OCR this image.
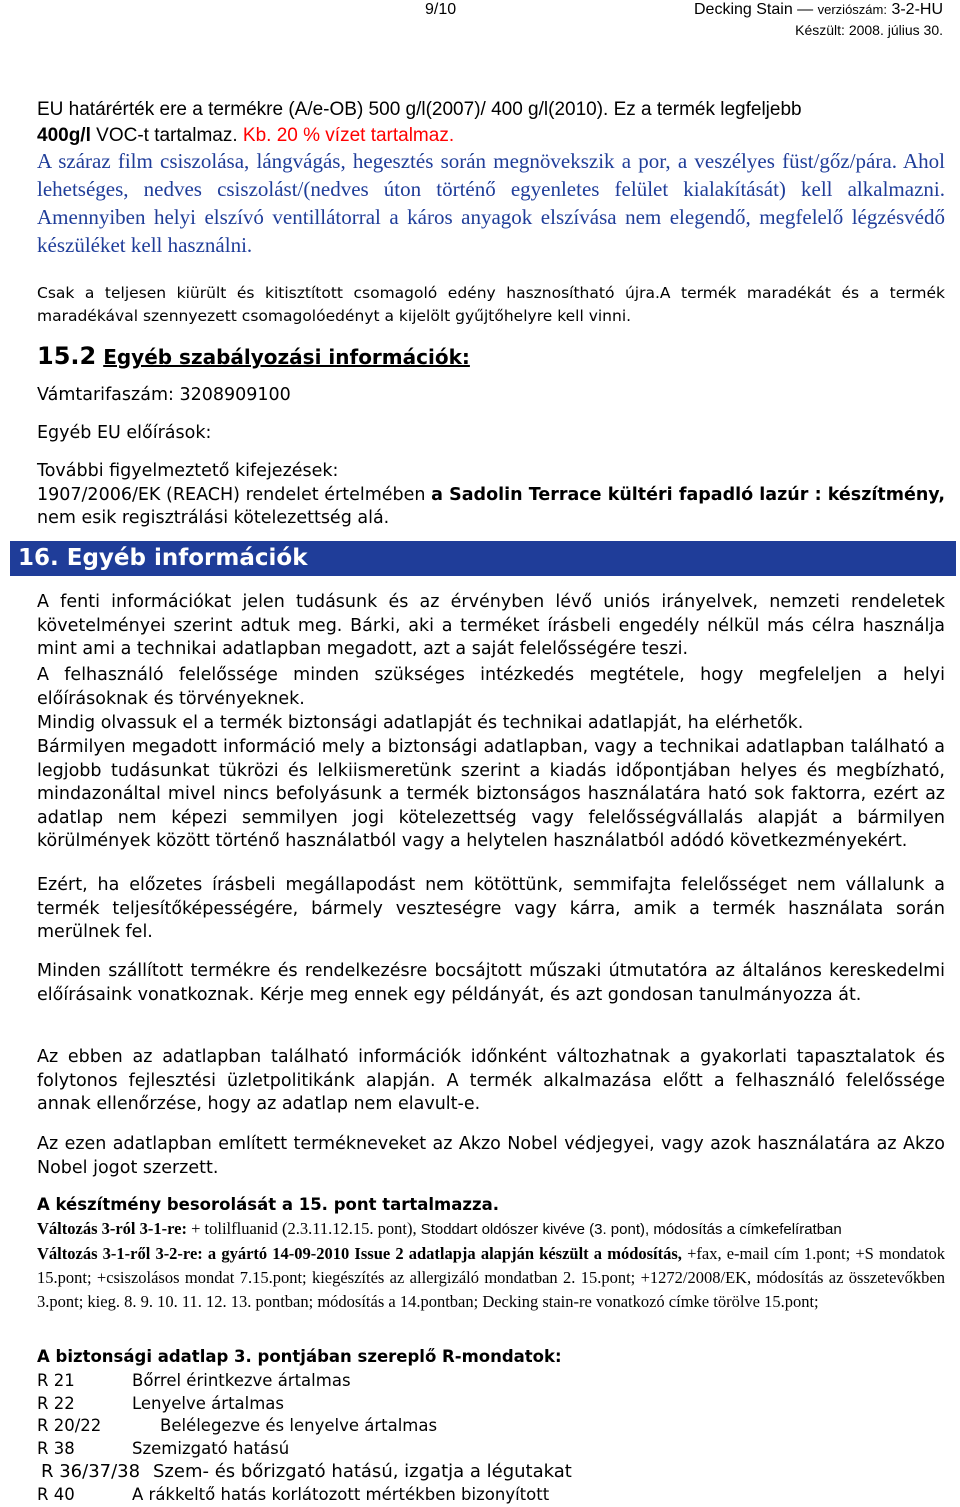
9/10	Decking Stain — verziószám: 3-2-HU
Készült: 2008. július 30.
EU határérték ere a termékre (A/e-OB) 500 g/l(2007)/ 400 g/l(2010). Ez a termék legfeljebb
400g/l VOC-t tartalmaz. Kb. 20 % vízet tartalmaz.
A száraz film csiszolása, lángvágás, hegesztés során megnövekszik a por, a veszélyes füst/gőz/pára. Ahol lehetséges, nedves csiszolást/(nedves úton történő egyenletes felület kialakítását) kell alkalmazni. Amennyiben helyi elszívó ventillátorral a káros anyagok elszívása nem elegendő, megfelelő légzésvédő készüléket kell használni.
Csak a teljesen kiürült és kitisztított csomagoló edény hasznosítható újra.A termék maradékát és a termék maradékával szennyezett csomagolóedényt a kijelölt gyűjtőhelyre kell vinni.
15.2 Egyéb szabályozási információk:
Vámtarifaszám: 3208909100
Egyéb EU előírások:
További figyelmeztető kifejezések:
1907/2006/EK (REACH) rendelet értelmében a Sadolin Terrace kültéri fapadló lazúr : készítmény, nem esik regisztrálási kötelezettség alá.
16. Egyéb információk
A fenti információkat jelen tudásunk és az érvényben lévő uniós irányelvek, nemzeti rendeletek követelményei szerint adtuk meg. Bárki, aki a terméket írásbeli engedély nélkül más célra használja mint ami a technikai adatlapban megadott, azt a saját felelősségére teszi.
A felhasználó felelőssége minden szükséges intézkedés megtétele, hogy megfeleljen a helyi előírásoknak és törvényeknek.
Mindig olvassuk el a termék biztonsági adatlapját és technikai adatlapját, ha elérhetők.
Bármilyen megadott információ mely a biztonsági adatlapban, vagy a technikai adatlapban található a legjobb tudásunkat tükrözi és lelkiismeretünk szerint a kiadás időpontjában helyes és megbízható, mindazonáltal mivel nincs befolyásunk a termék biztonságos használatára ható sok faktorra, ezért az adatlap nem képezi semmilyen jogi kötelezettség vagy felelősségvállalás alapját a bármilyen körülmények között történő használatból vagy a helytelen használatból adódó következményekért.
Ezért, ha előzetes írásbeli megállapodást nem kötöttünk, semmifajta felelősséget nem vállalunk a termék teljesítőképességére, bármely veszteségre vagy kárra, amik a termék használata során merülnek fel.
Minden szállított termékre és rendelkezésre bocsájtott műszaki útmutatóra az általános kereskedelmi előírásaink vonatkoznak. Kérje meg ennek egy példányát, és azt gondosan tanulmányozza át.
Az ebben az adatlapban található információk időnként változhatnak a gyakorlati tapasztalatok és folytonos fejlesztési üzletpolitikánk alapján. A termék alkalmazása előtt a felhasználó felelőssége annak ellenőrzése, hogy az adatlap nem elavult-e.
Az ezen adatlapban említett termékneveket az Akzo Nobel védjegyei, vagy azok használatára az Akzo Nobel jogot szerzett.
A készítmény besorolását a 15. pont tartalmazza.
Változás 3-ról 3-1-re: + tolilfluanid (2.3.11.12.15. pont), Stoddart oldószer kivéve (3. pont), módosítás a címkefelíratban
Változás 3-1-ről 3-2-re: a gyártó 14-09-2010 Issue 2 adatlapja alapján készült a módosítás, +fax, e-mail cím 1.pont; +S mondatok 15.pont; +csiszolásos mondat 7.15.pont; kiegészítés az allergizáló mondatban 2. 15.pont; +1272/2008/EK, módosítás az összetevőkben 3.pont; kieg. 8. 9. 10. 11. 12. 13. pontban; módosítás a 14.pontban; Decking stain-re vonatkozó címke törölve 15.pont;
A biztonsági adatlap 3. pontjában szereplő R-mondatok:
R 21	Bőrrel érintkezve ártalmas
R 22	Lenyelve ártalmas
R 20/22	Belélegezve és lenyelve ártalmas
R 38	Szemizgató hatású
R 36/37/38 Szem- és bőrizgató hatású, izgatja a légutakat
R 40	A rákkeltő hatás korlátozott mértékben bizonyított
